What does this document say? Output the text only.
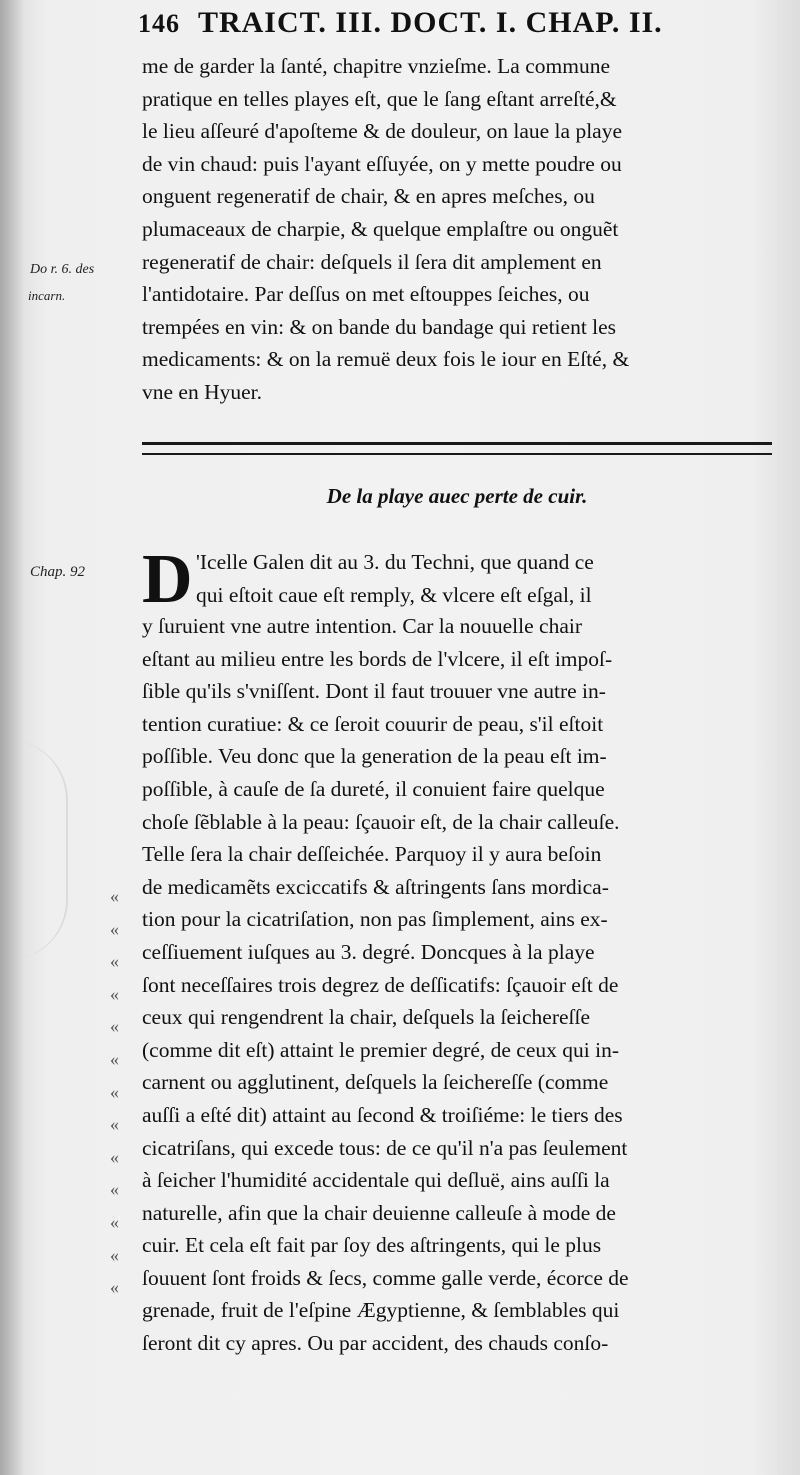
146 TRAICT. III. DOCT. I. CHAP. II.
Do r. 6. des
incarn.
Chap. 92
me de garder la ſanté, chapitre vnzieſme. La commune
pratique en telles playes eſt, que le ſang eſtant arreſté,&
le lieu aſſeuré d'apoſteme & de douleur, on laue la playe
de vin chaud: puis l'ayant eſſuyée, on y mette poudre ou
onguent regeneratif de chair, & en apres meſches, ou
plumaceaux de charpie, & quelque emplaſtre ou onguẽt
regeneratif de chair: deſquels il ſera dit amplement en
l'antidotaire. Par deſſus on met eſtouppes ſeiches, ou
trempées en vin: & on bande du bandage qui retient les
medicaments: & on la remuë deux fois le iour en Eſté, &
vne en Hyuer.
De la playe auec perte de cuir.
D 'Icelle Galen dit au 3. du Techni, que quand ce
qui eſtoit caue eſt remply, & vlcere eſt eſgal, il
y ſuruient vne autre intention. Car la nouuelle chair
eſtant au milieu entre les bords de l'vlcere, il eſt impoſ-
ſible qu'ils s'vniſſent. Dont il faut trouuer vne autre in-
tention curatiue: & ce ſeroit couurir de peau, s'il eſtoit
poſſible. Veu donc que la generation de la peau eſt im-
poſſible, à cauſe de ſa dureté, il conuient faire quelque
choſe ſẽblable à la peau: ſçauoir eſt, de la chair calleuſe.
Telle ſera la chair deſſeichée. Parquoy il y aura beſoin
de medicamẽts exciccatifs & aſtringents ſans mordica-
tion pour la cicatriſation, non pas ſimplement, ains ex-
ceſſiuement iuſques au 3. degré. Doncques à la playe
ſont neceſſaires trois degrez de deſſicatifs: ſçauoir eſt de
ceux qui rengendrent la chair, deſquels la ſeichereſſe
(comme dit eſt) attaint le premier degré, de ceux qui in-
carnent ou agglutinent, deſquels la ſeichereſſe (comme
auſſi a eſté dit) attaint au ſecond & troiſiéme: le tiers des
cicatriſans, qui excede tous: de ce qu'il n'a pas ſeulement
à ſeicher l'humidité accidentale qui deſluë, ains auſſi la
naturelle, afin que la chair deuienne calleuſe à mode de
cuir. Et cela eſt fait par ſoy des aſtringents, qui le plus
ſouuent ſont froids & ſecs, comme galle verde, écorce de
grenade, fruit de l'eſpine Ægyptienne, & ſemblables qui
ſeront dit cy apres. Ou par accident, des chauds conſo-
«
«
«
«
«
«
«
«
«
«
«
«
«
